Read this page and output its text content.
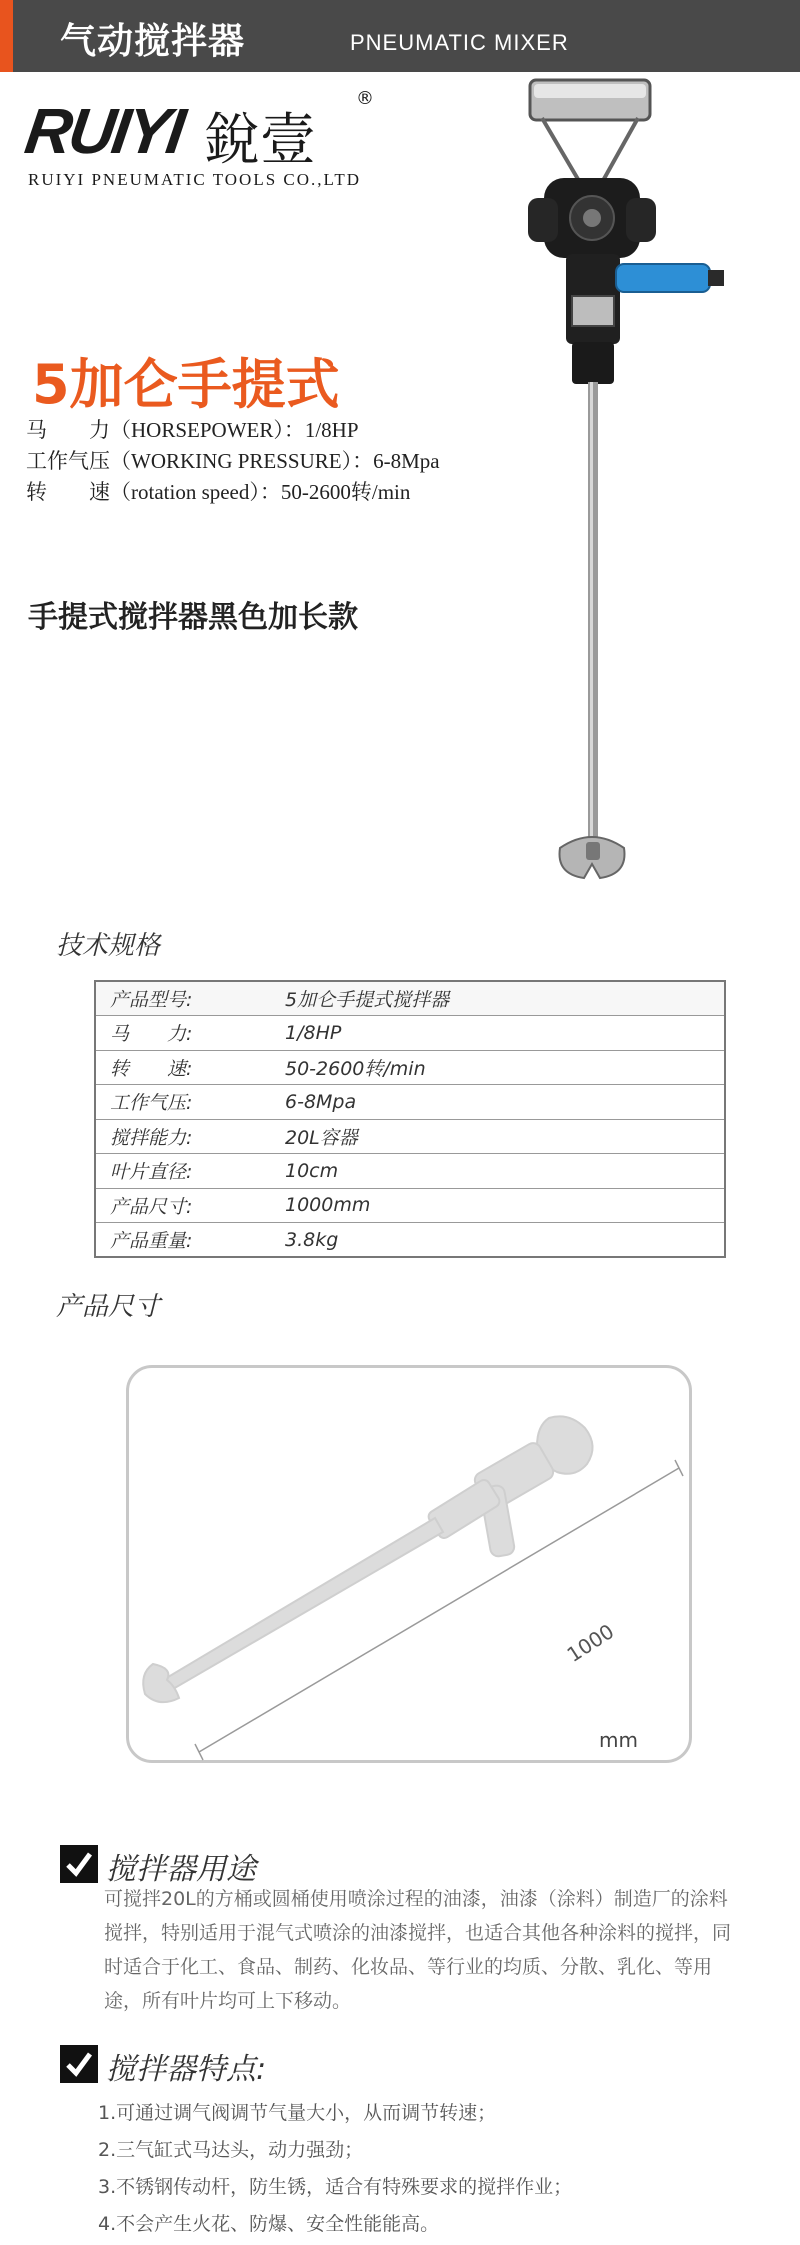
气动搅拌器	PNEUMATIC MIXER
RUIYI 銳壹
®
RUIYI PNEUMATIC TOOLS CO.,LTD
5加仑手提式
马　　力（HORSEPOWER）：1/8HP
工作气压（WORKING PRESSURE）：6-8Mpa
转　　速（rotation speed）：50-2600转/min
手提式搅拌器黑色加长款
技术规格
产品型号:	5加仑手提式搅拌器
马　　力:	1/8HP
转　　速:	50-2600转/min
工作气压:	6-8Mpa
搅拌能力:	20L容器
叶片直径:	10cm
产品尺寸:	1000mm
产品重量:	3.8kg
产品尺寸
1000
mm
搅拌器用途
可搅拌20L的方桶或圆桶使用喷涂过程的油漆，油漆（涂料）制造厂的涂料搅拌，特别适用于混气式喷涂的油漆搅拌，也适合其他各种涂料的搅拌，同时适合于化工、食品、制药、化妆品、等行业的均质、分散、乳化、等用途，所有叶片均可上下移动。
搅拌器特点:
1.可通过调气阀调节气量大小，从而调节转速；
2.三气缸式马达头，动力强劲；
3.不锈钢传动杆，防生锈，适合有特殊要求的搅拌作业；
4.不会产生火花、防爆、安全性能能高。
